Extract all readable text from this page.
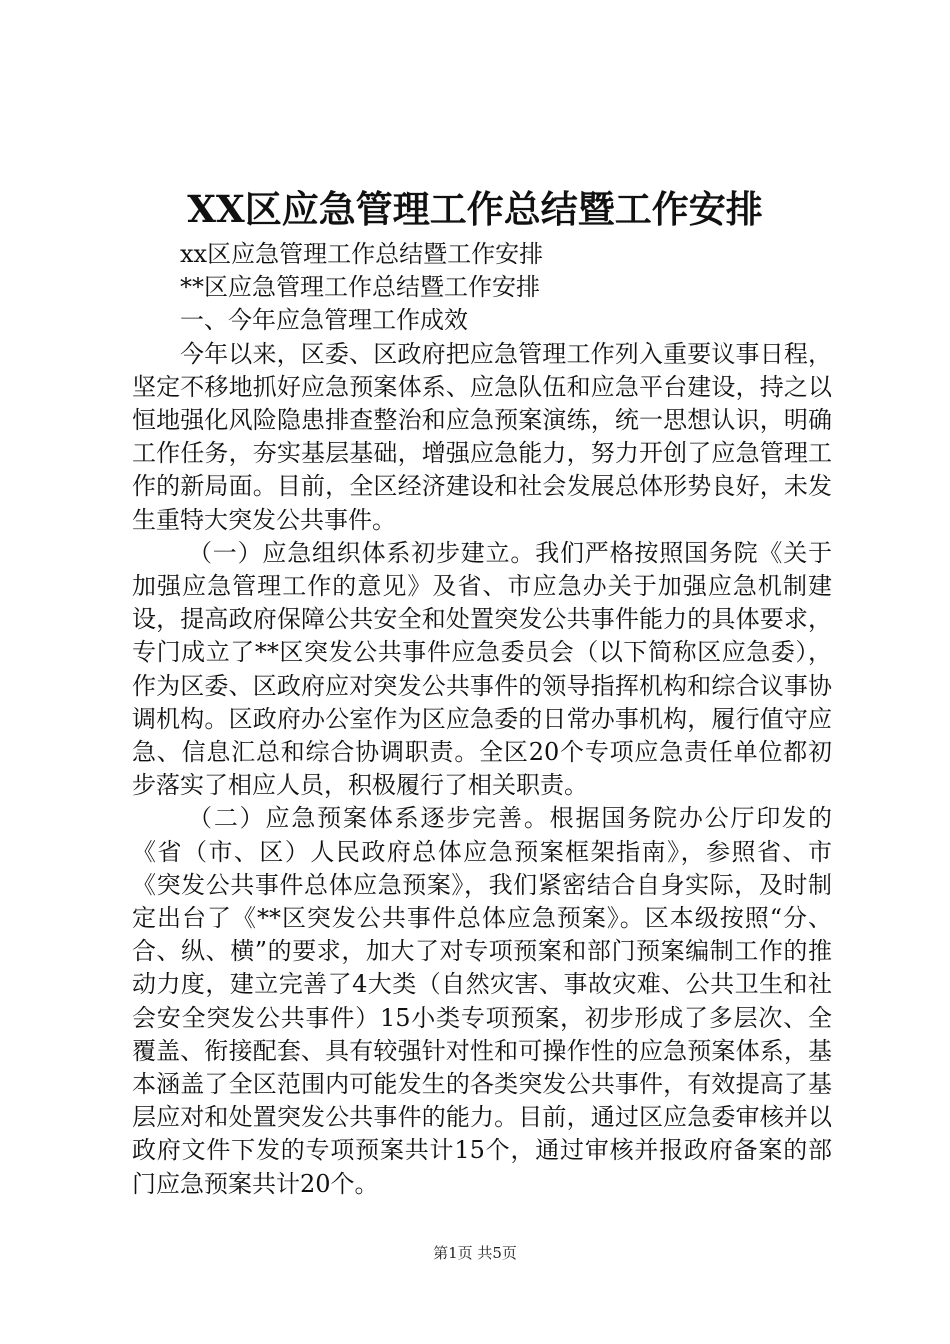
XX区应急管理工作总结暨工作安排

xx区应急管理工作总结暨工作安排

**区应急管理工作总结暨工作安排

一、今年应急管理工作成效

今年以来，区委、区政府把应急管理工作列入重要议事日程，坚定不移地抓好应急预案体系、应急队伍和应急平台建设，持之以恒地强化风险隐患排查整治和应急预案演练，统一思想认识，明确工作任务，夯实基层基础，增强应急能力，努力开创了应急管理工作的新局面。目前，全区经济建设和社会发展总体形势良好，未发生重特大突发公共事件。

（一）应急组织体系初步建立。我们严格按照国务院《关于加强应急管理工作的意见》及省、市应急办关于加强应急机制建设，提高政府保障公共安全和处置突发公共事件能力的具体要求，专门成立了**区突发公共事件应急委员会（以下简称区应急委），作为区委、区政府应对突发公共事件的领导指挥机构和综合议事协调机构。区政府办公室作为区应急委的日常办事机构，履行值守应急、信息汇总和综合协调职责。全区20个专项应急责任单位都初步落实了相应人员，积极履行了相关职责。

（二）应急预案体系逐步完善。根据国务院办公厅印发的《省（市、区）人民政府总体应急预案框架指南》，参照省、市《突发公共事件总体应急预案》，我们紧密结合自身实际，及时制定出台了《**区突发公共事件总体应急预案》。区本级按照“分、合、纵、横”的要求，加大了对专项预案和部门预案编制工作的推动力度，建立完善了4大类（自然灾害、事故灾难、公共卫生和社会安全突发公共事件）15小类专项预案，初步形成了多层次、全覆盖、衔接配套、具有较强针对性和可操作性的应急预案体系，基本涵盖了全区范围内可能发生的各类突发公共事件，有效提高了基层应对和处置突发公共事件的能力。目前，通过区应急委审核并以政府文件下发的专项预案共计15个，通过审核并报政府备案的部门应急预案共计20个。

第1页 共5页
